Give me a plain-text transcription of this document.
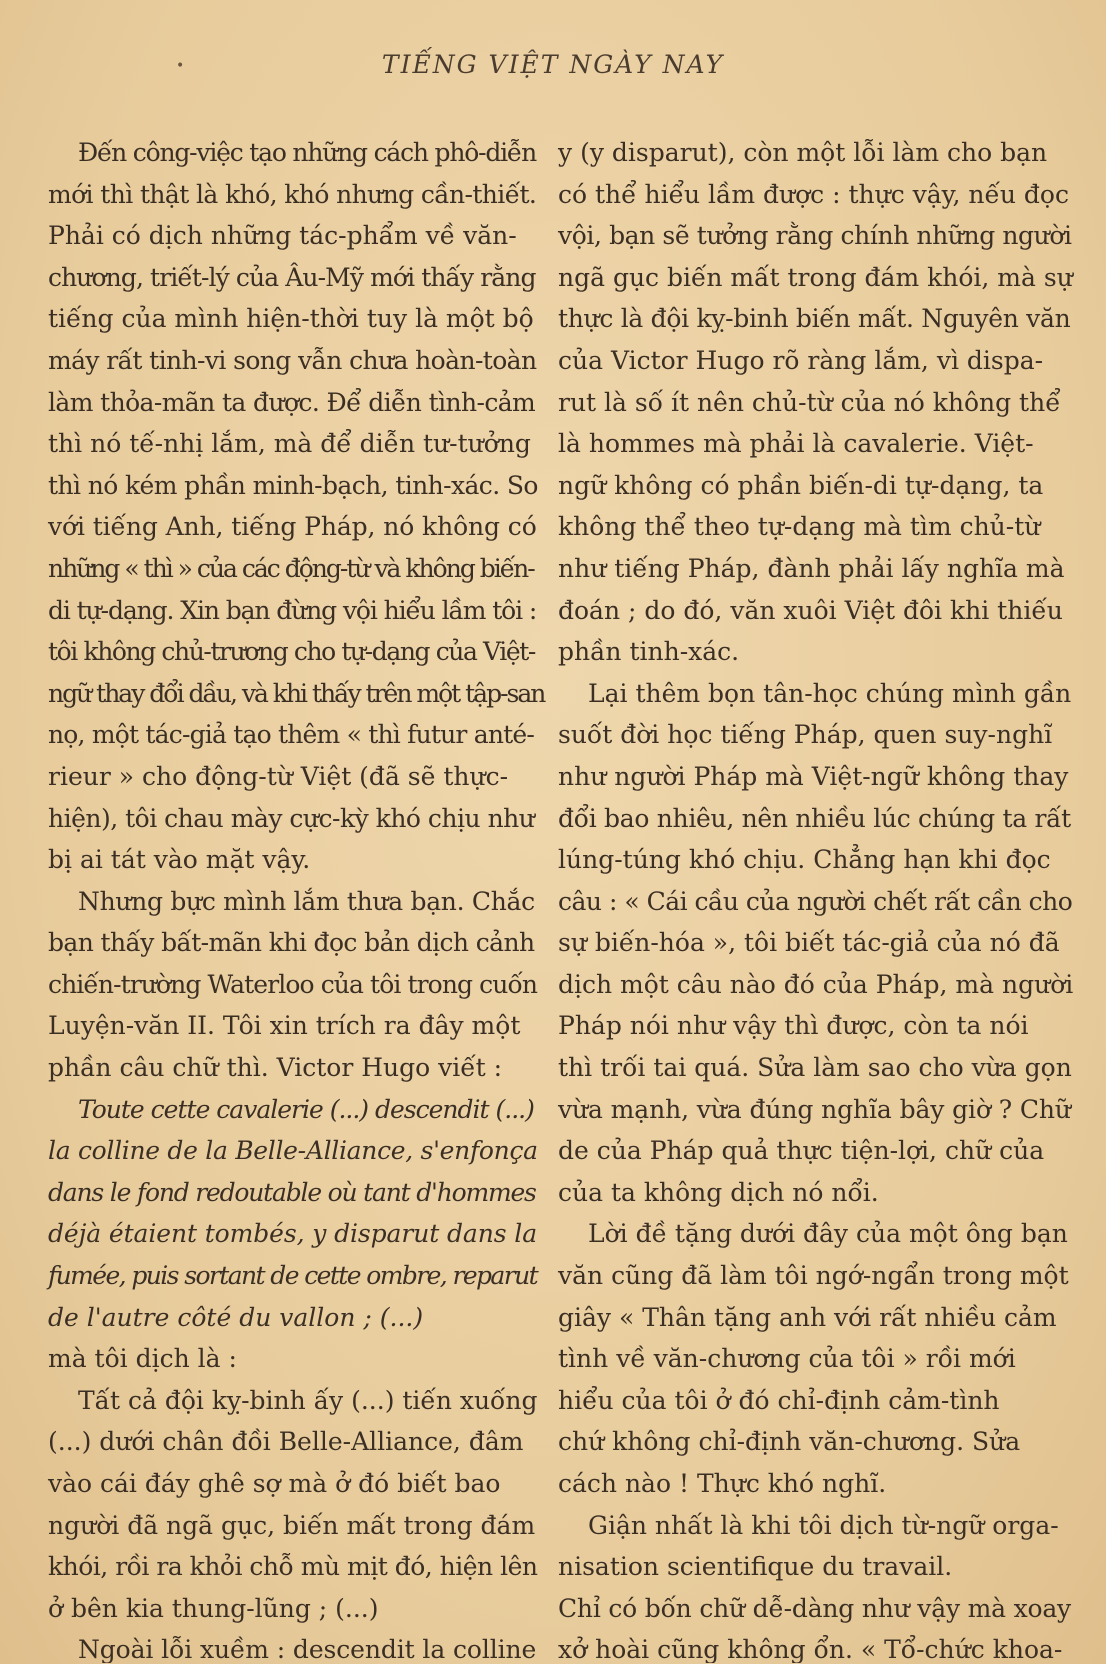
•	TIẾNG VIỆT NGÀY NAY
Đến công-việc tạo những cách phô-diễn
mới thì thật là khó, khó nhưng cần-thiết.
Phải có dịch những tác-phẩm về văn-
chương, triết-lý của Âu-Mỹ mới thấy rằng
tiếng của mình hiện-thời tuy là một bộ
máy rất tinh-vi song vẫn chưa hoàn-toàn
làm thỏa-mãn ta được. Để diễn tình-cảm
thì nó tế-nhị lắm, mà để diễn tư-tưởng
thì nó kém phần minh-bạch, tinh-xác. So
với tiếng Anh, tiếng Pháp, nó không có
những « thì » của các động-từ và không biến-
di tự-dạng. Xin bạn đừng vội hiểu lầm tôi :
tôi không chủ-trương cho tự-dạng của Việt-
ngữ thay đổi dầu, và khi thấy trên một tập-san
nọ, một tác-giả tạo thêm « thì futur anté-
rieur » cho động-từ Việt (đã sẽ thực-
hiện), tôi chau mày cực-kỳ khó chịu như
bị ai tát vào mặt vậy.
Nhưng bực mình lắm thưa bạn. Chắc
bạn thấy bất-mãn khi đọc bản dịch cảnh
chiến-trường Waterloo của tôi trong cuốn
Luyện-văn II. Tôi xin trích ra đây một
phần câu chữ thì. Victor Hugo viết :
Toute cette cavalerie (...) descendit (...)
la colline de la Belle-Alliance, s'enfonça
dans le fond redoutable où tant d'hommes
déjà étaient tombés, y disparut dans la
fumée, puis sortant de cette ombre, reparut
de l'autre côté du vallon ; (...)
mà tôi dịch là :
Tất cả đội kỵ-binh ấy (...) tiến xuống
(...) dưới chân đồi Belle-Alliance, đâm
vào cái đáy ghê sợ mà ở đó biết bao
người đã ngã gục, biến mất trong đám
khói, rồi ra khỏi chỗ mù mịt đó, hiện lên
ở bên kia thung-lũng ; (...)
Ngoài lỗi xuềm : descendit la colline
y (y disparut), còn một lỗi làm cho bạn
có thể hiểu lầm được : thực vậy, nếu đọc
vội, bạn sẽ tưởng rằng chính những người
ngã gục biến mất trong đám khói, mà sự
thực là đội kỵ-binh biến mất. Nguyên văn
của Victor Hugo rõ ràng lắm, vì dispa-
rut là số ít nên chủ-từ của nó không thể
là hommes mà phải là cavalerie. Việt-
ngữ không có phần biến-di tự-dạng, ta
không thể theo tự-dạng mà tìm chủ-từ
như tiếng Pháp, đành phải lấy nghĩa mà
đoán ; do đó, văn xuôi Việt đôi khi thiếu
phần tinh-xác.
Lại thêm bọn tân-học chúng mình gần
suốt đời học tiếng Pháp, quen suy-nghĩ
như người Pháp mà Việt-ngữ không thay
đổi bao nhiêu, nên nhiều lúc chúng ta rất
lúng-túng khó chịu. Chẳng hạn khi đọc
câu : « Cái cầu của người chết rất cần cho
sự biến-hóa », tôi biết tác-giả của nó đã
dịch một câu nào đó của Pháp, mà người
Pháp nói như vậy thì được, còn ta nói
thì trối tai quá. Sửa làm sao cho vừa gọn
vừa mạnh, vừa đúng nghĩa bây giờ ? Chữ
de của Pháp quả thực tiện-lợi, chữ của
của ta không dịch nó nổi.
Lời đề tặng dưới đây của một ông bạn
văn cũng đã làm tôi ngớ-ngẩn trong một
giây « Thân tặng anh với rất nhiều cảm
tình về văn-chương của tôi » rồi mới
hiểu của tôi ở đó chỉ-định cảm-tình
chứ không chỉ-định văn-chương. Sửa
cách nào ! Thực khó nghĩ.
Giận nhất là khi tôi dịch từ-ngữ orga-
nisation scientifique du travail.
Chỉ có bốn chữ dễ-dàng như vậy mà xoay
xở hoài cũng không ổn. « Tổ-chức khoa-
